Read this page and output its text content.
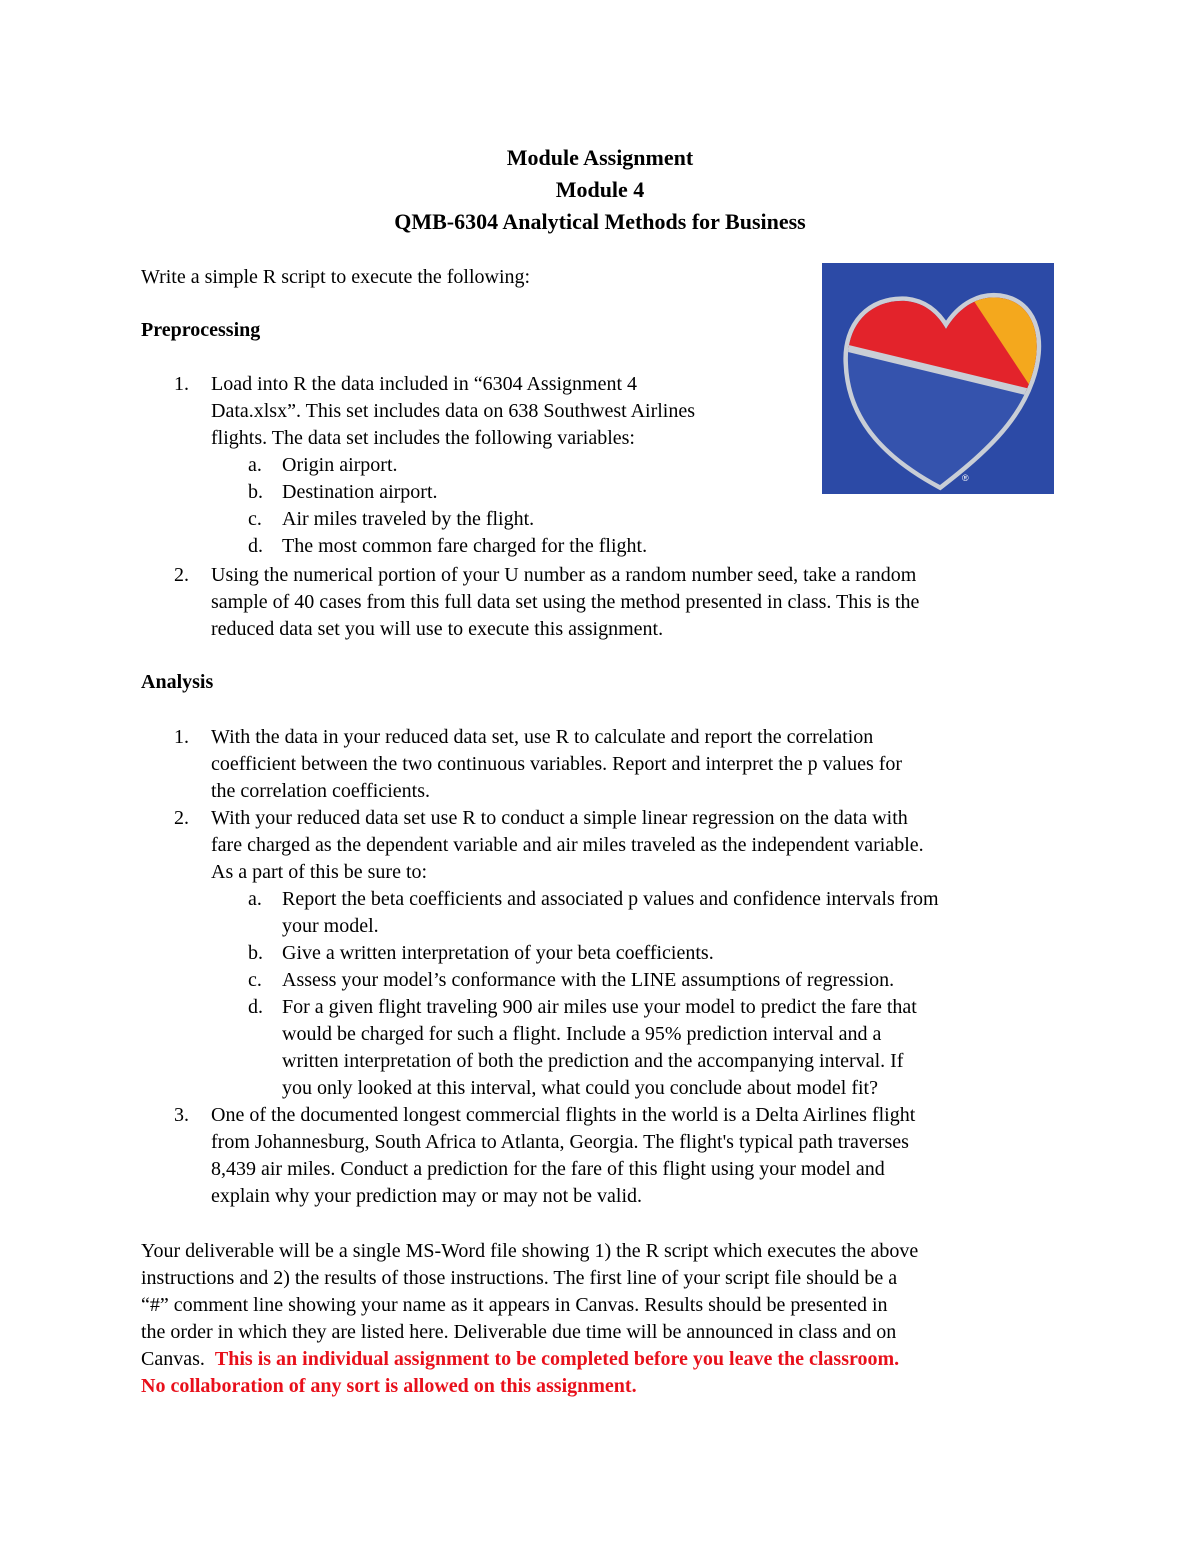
Module Assignment
Module 4
QMB-6304 Analytical Methods for Business
Write a simple R script to execute the following:
Preprocessing
1. Load into R the data included in “6304 Assignment 4
Data.xlsx”. This set includes data on 638 Southwest Airlines
flights. The data set includes the following variables:
a. Origin airport.
b. Destination airport.
c. Air miles traveled by the flight.
d. The most common fare charged for the flight.
2. Using the numerical portion of your U number as a random number seed, take a random
sample of 40 cases from this full data set using the method presented in class. This is the
reduced data set you will use to execute this assignment.
Analysis
1. With the data in your reduced data set, use R to calculate and report the correlation
coefficient between the two continuous variables. Report and interpret the p values for
the correlation coefficients.
2. With your reduced data set use R to conduct a simple linear regression on the data with
fare charged as the dependent variable and air miles traveled as the independent variable.
As a part of this be sure to:
a. Report the beta coefficients and associated p values and confidence intervals from
your model.
b. Give a written interpretation of your beta coefficients.
c. Assess your model’s conformance with the LINE assumptions of regression.
d. For a given flight traveling 900 air miles use your model to predict the fare that
would be charged for such a flight. Include a 95% prediction interval and a
written interpretation of both the prediction and the accompanying interval. If
you only looked at this interval, what could you conclude about model fit?
3. One of the documented longest commercial flights in the world is a Delta Airlines flight
from Johannesburg, South Africa to Atlanta, Georgia. The flight's typical path traverses
8,439 air miles. Conduct a prediction for the fare of this flight using your model and
explain why your prediction may or may not be valid.
Your deliverable will be a single MS-Word file showing 1) the R script which executes the above
instructions and 2) the results of those instructions. The first line of your script file should be a
“#” comment line showing your name as it appears in Canvas. Results should be presented in
the order in which they are listed here. Deliverable due time will be announced in class and on
Canvas.  This is an individual assignment to be completed before you leave the classroom.
No collaboration of any sort is allowed on this assignment.
®
